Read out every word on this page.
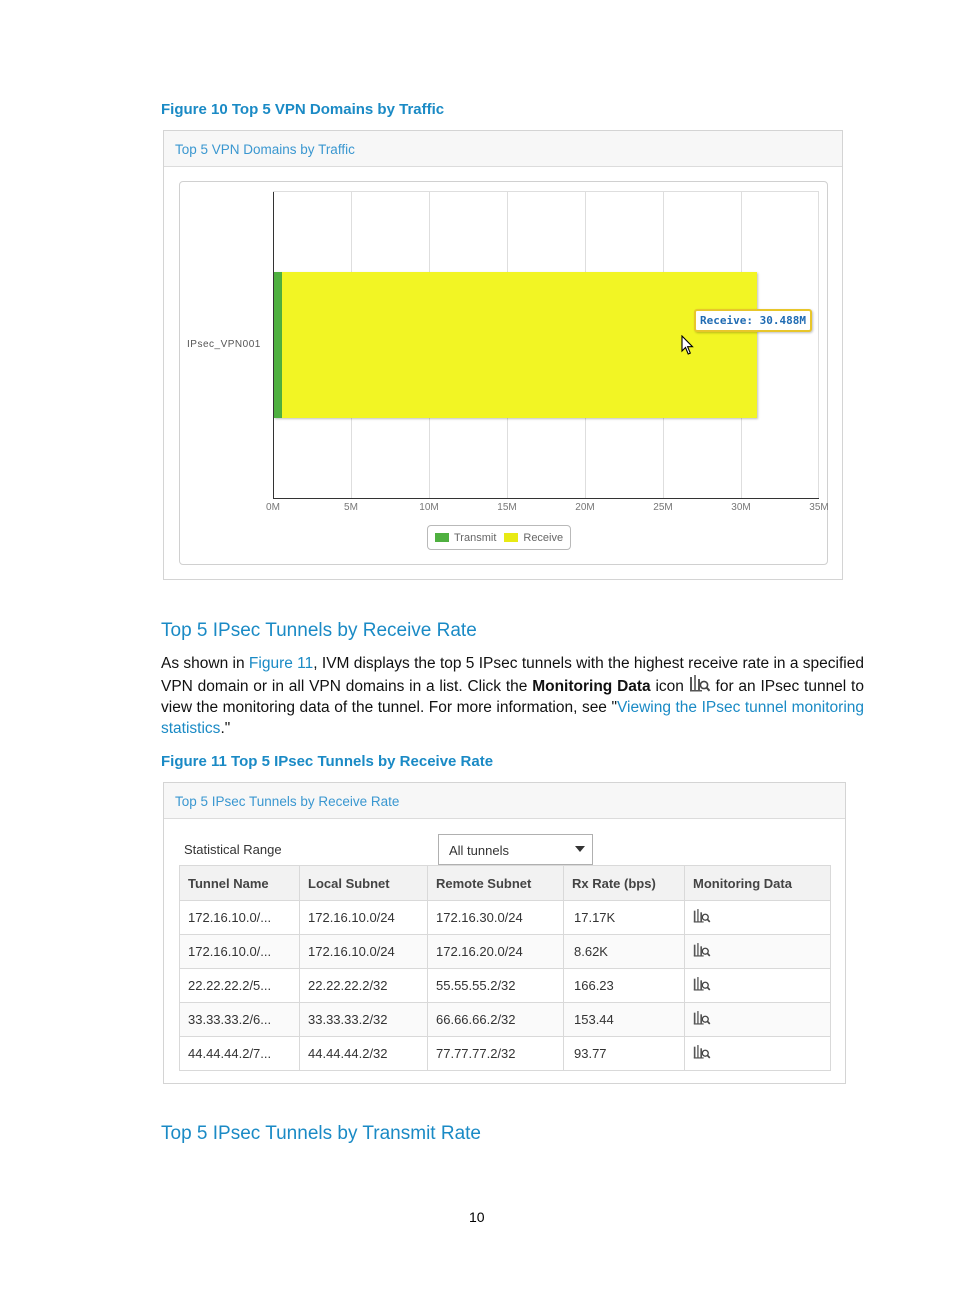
Figure 10 Top 5 VPN Domains by Traffic
Top 5 VPN Domains by Traffic
0M	5M	10M	15M	20M	25M	30M	35M
IPsec_VPN001
Receive: 30.488M
Transmit Receive
Top 5 IPsec Tunnels by Receive Rate
As shown in Figure 11, IVM displays the top 5 IPsec tunnels with the highest receive rate in a specified VPN domain or in all VPN domains in a list. Click the Monitoring Data icon  for an IPsec tunnel to view the monitoring data of the tunnel. For more information, see "Viewing the IPsec tunnel monitoring statistics."
Figure 11 Top 5 IPsec Tunnels by Receive Rate
Top 5 IPsec Tunnels by Receive Rate
Statistical Range	All tunnels
Tunnel Name	Local Subnet	Remote Subnet	Rx Rate (bps)	Monitoring Data
172.16.10.0/...	172.16.10.0/24	172.16.30.0/24	17.17K	
172.16.10.0/...	172.16.10.0/24	172.16.20.0/24	8.62K	
22.22.22.2/5...	22.22.22.2/32	55.55.55.2/32	166.23	
33.33.33.2/6...	33.33.33.2/32	66.66.66.2/32	153.44	
44.44.44.2/7...	44.44.44.2/32	77.77.77.2/32	93.77	
Top 5 IPsec Tunnels by Transmit Rate
10
